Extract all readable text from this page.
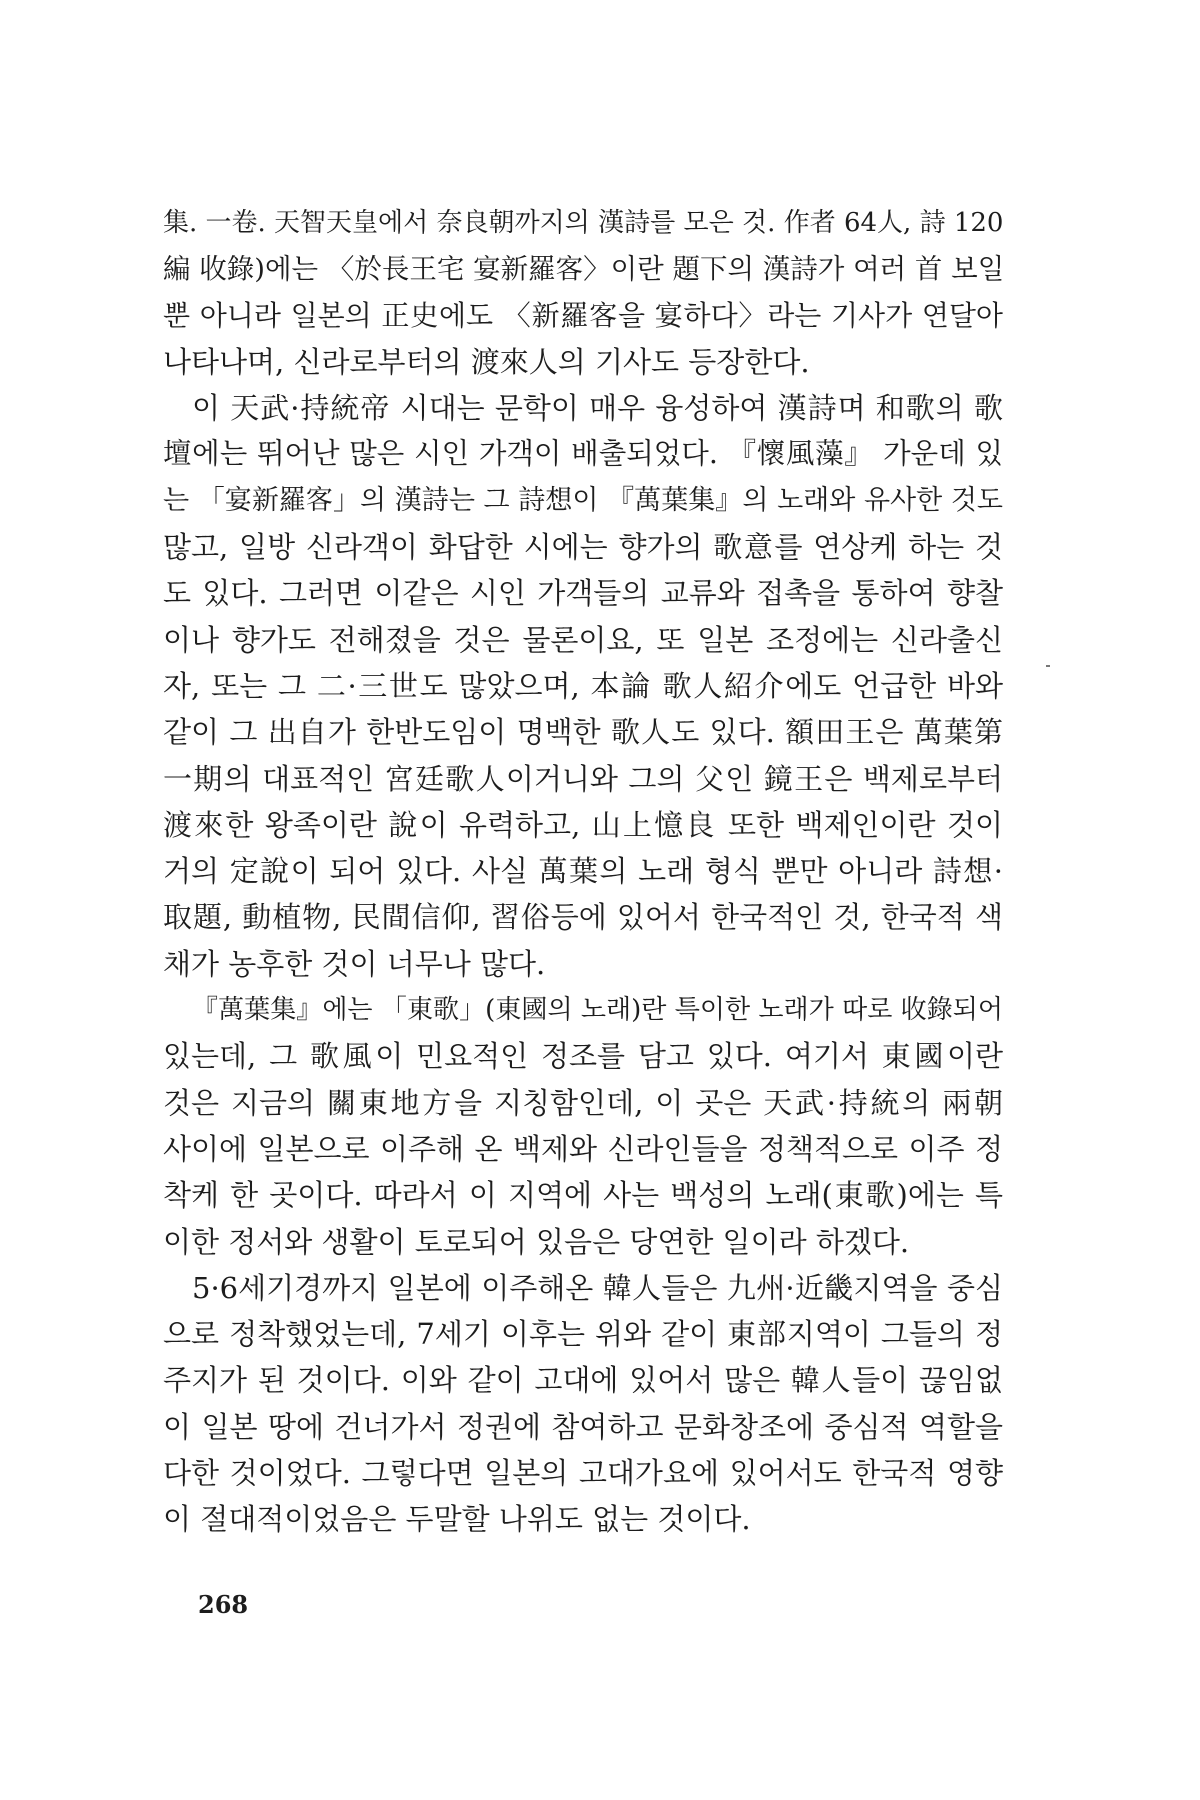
集. 一卷. 天智天皇에서 奈良朝까지의 漢詩를 모은 것. 作者 64人, 詩 120
編 收錄)에는 〈於長王宅 宴新羅客〉이란 題下의 漢詩가 여러 首 보일
뿐 아니라 일본의 正史에도 〈新羅客을 宴하다〉라는 기사가 연달아
나타나며, 신라로부터의 渡來人의 기사도 등장한다.
이 天武·持統帝 시대는 문학이 매우 융성하여 漢詩며 和歌의 歌
壇에는 뛰어난 많은 시인 가객이 배출되었다. 『懷風藻』 가운데 있
는 「宴新羅客」의 漢詩는 그 詩想이 『萬葉集』의 노래와 유사한 것도
많고, 일방 신라객이 화답한 시에는 향가의 歌意를 연상케 하는 것
도 있다. 그러면 이같은 시인 가객들의 교류와 접촉을 통하여 향찰
이나 향가도 전해졌을 것은 물론이요, 또 일본 조정에는 신라출신
자, 또는 그 二·三世도 많았으며, 本論 歌人紹介에도 언급한 바와
같이 그 出自가 한반도임이 명백한 歌人도 있다. 額田王은 萬葉第
一期의 대표적인 宮廷歌人이거니와 그의 父인 鏡王은 백제로부터
渡來한 왕족이란 說이 유력하고, 山上憶良 또한 백제인이란 것이
거의 定說이 되어 있다. 사실 萬葉의 노래 형식 뿐만 아니라 詩想·
取題, 動植物, 民間信仰, 習俗등에 있어서 한국적인 것, 한국적 색
채가 농후한 것이 너무나 많다.
『萬葉集』에는 「東歌」(東國의 노래)란 특이한 노래가 따로 收錄되어
있는데, 그 歌風이 민요적인 정조를 담고 있다. 여기서 東國이란
것은 지금의 關東地方을 지칭함인데, 이 곳은 天武·持統의 兩朝
사이에 일본으로 이주해 온 백제와 신라인들을 정책적으로 이주 정
착케 한 곳이다. 따라서 이 지역에 사는 백성의 노래(東歌)에는 특
이한 정서와 생활이 토로되어 있음은 당연한 일이라 하겠다.
5·6세기경까지 일본에 이주해온 韓人들은 九州·近畿지역을 중심
으로 정착했었는데, 7세기 이후는 위와 같이 東部지역이 그들의 정
주지가 된 것이다. 이와 같이 고대에 있어서 많은 韓人들이 끊임없
이 일본 땅에 건너가서 정권에 참여하고 문화창조에 중심적 역할을
다한 것이었다. 그렇다면 일본의 고대가요에 있어서도 한국적 영향
이 절대적이었음은 두말할 나위도 없는 것이다.
268
